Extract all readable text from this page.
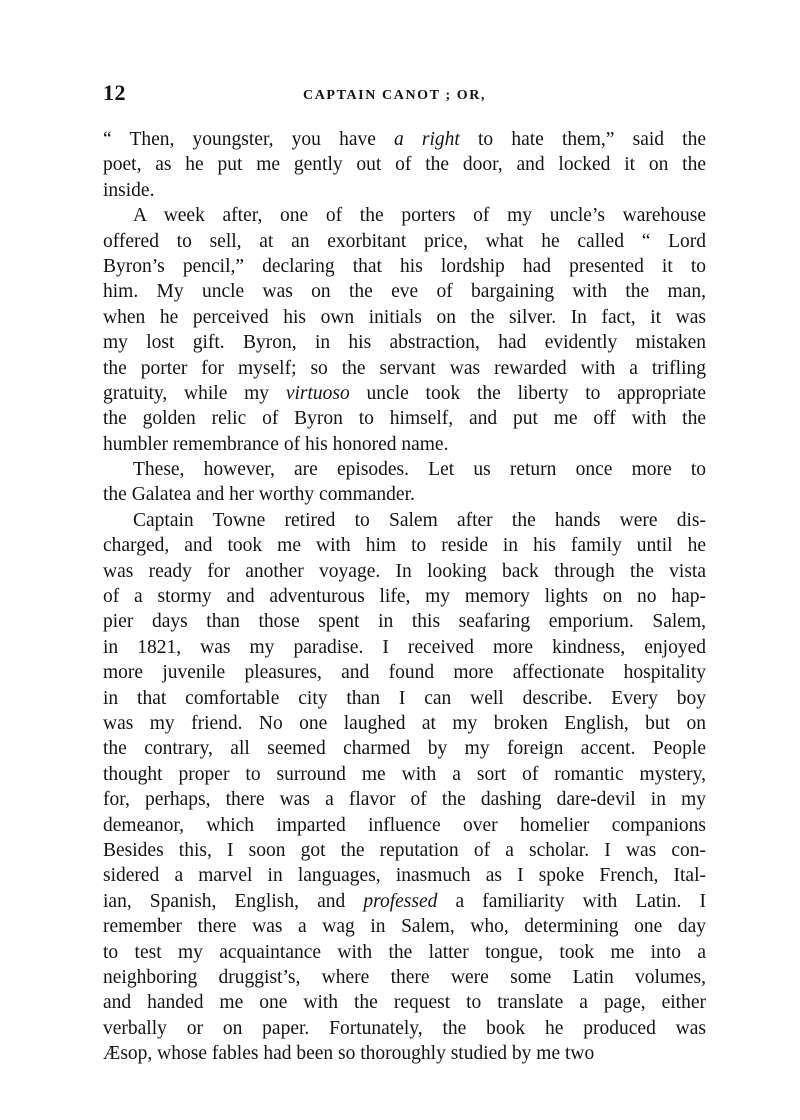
12	CAPTAIN CANOT ; OR,
“ Then, youngster, you have a right to hate them,” said the
poet, as he put me gently out of the door, and locked it on the
inside.
A week after, one of the porters of my uncle’s warehouse
offered to sell, at an exorbitant price, what he called “ Lord
Byron’s pencil,” declaring that his lordship had presented it to
him. My uncle was on the eve of bargaining with the man,
when he perceived his own initials on the silver. In fact, it was
my lost gift. Byron, in his abstraction, had evidently mistaken
the porter for myself; so the servant was rewarded with a trifling
gratuity, while my virtuoso uncle took the liberty to appropriate
the golden relic of Byron to himself, and put me off with the
humbler remembrance of his honored name.
These, however, are episodes. Let us return once more to
the Galatea and her worthy commander.
Captain Towne retired to Salem after the hands were dis-
charged, and took me with him to reside in his family until he
was ready for another voyage. In looking back through the vista
of a stormy and adventurous life, my memory lights on no hap-
pier days than those spent in this seafaring emporium. Salem,
in 1821, was my paradise. I received more kindness, enjoyed
more juvenile pleasures, and found more affectionate hospitality
in that comfortable city than I can well describe. Every boy
was my friend. No one laughed at my broken English, but on
the contrary, all seemed charmed by my foreign accent. People
thought proper to surround me with a sort of romantic mystery,
for, perhaps, there was a flavor of the dashing dare-devil in my
demeanor, which imparted influence over homelier companions
Besides this, I soon got the reputation of a scholar. I was con-
sidered a marvel in languages, inasmuch as I spoke French, Ital-
ian, Spanish, English, and professed a familiarity with Latin. I
remember there was a wag in Salem, who, determining one day
to test my acquaintance with the latter tongue, took me into a
neighboring druggist’s, where there were some Latin volumes,
and handed me one with the request to translate a page, either
verbally or on paper. Fortunately, the book he produced was
Æsop, whose fables had been so thoroughly studied by me two
